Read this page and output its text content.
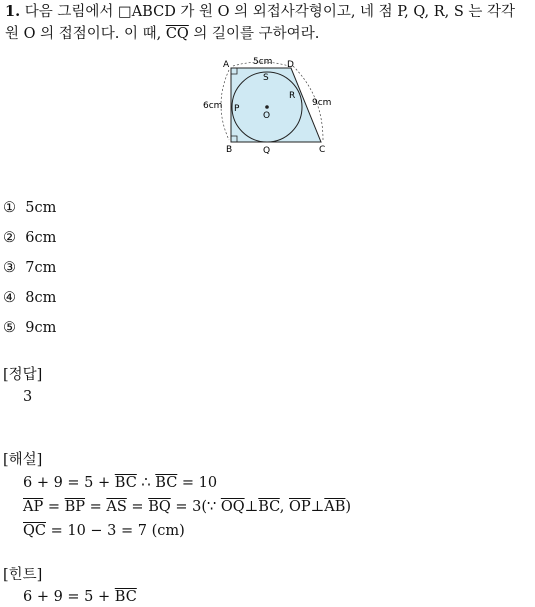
1. 다음 그림에서 □ABCD 가 원 O 의 외접사각형이고, 네 점 P, Q, R, S 는 각각
원 O 의 접점이다. 이 때, $\overline{CQ}$ 의 길이를 구하여라.
A	D
B	C
S
P
Q
R
O
5cm
6cm	9cm
① 5cm
② 6cm
③ 7cm
④ 8cm
⑤ 9cm
[정답]
3
[해설]
$6 + 9 = 5 + \overline{BC}$ ∴ $\overline{BC} = 10$
$\overline{AP} = \overline{BP} = \overline{AS} = \overline{BQ}$ = 3(∵ $\overline{OQ}\perp\overline{BC}$, $\overline{OP}\perp\overline{AB}$)
$\overline{QC} = 10 - 3 = 7$ (cm)
[힌트]
$6 + 9 = 5 + \overline{BC}$
